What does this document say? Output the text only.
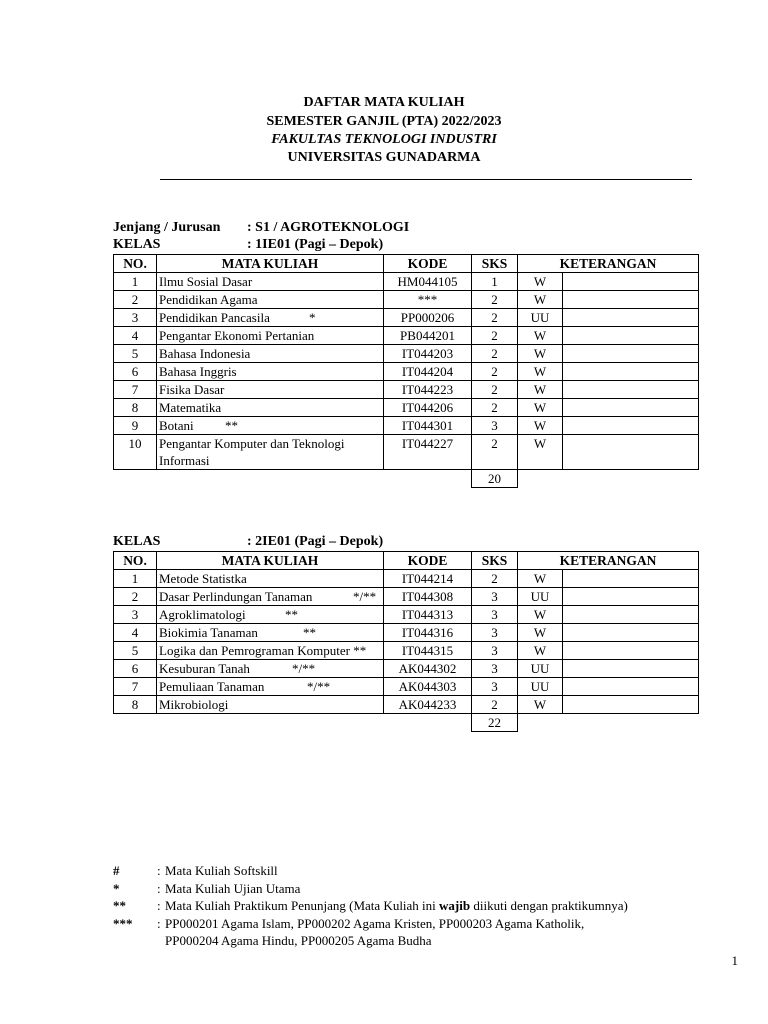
DAFTAR MATA KULIAH
SEMESTER GANJIL (PTA) 2022/2023
FAKULTAS TEKNOLOGI INDUSTRI
UNIVERSITAS GUNADARMA
Jenjang / Jurusan : S1 / AGROTEKNOLOGI
KELAS	: 1IE01 (Pagi – Depok)
NO.	MATA KULIAH	KODE	SKS	KETERANGAN	
1	Ilmu Sosial Dasar	HM044105	1	W	
2	Pendidikan Agama	***	2	W	
3	Pendidikan Pancasila *	PP000206	2	UU	
4	Pengantar Ekonomi Pertanian	PB044201	2	W	
5	Bahasa Indonesia	IT044203	2	W	
6	Bahasa Inggris	IT044204	2	W	
7	Fisika Dasar	IT044223	2	W	
8	Matematika	IT044206	2	W	
9	Botani **	IT044301	3	W	
10	Pengantar Komputer dan Teknologi Informasi	IT044227	2	W	
			20		
KELAS	: 2IE01 (Pagi – Depok)
NO.	MATA KULIAH	KODE	SKS	KETERANGAN	
1	Metode Statistka	IT044214	2	W	
2	Dasar Perlindungan Tanaman */**	IT044308	3	UU	
3	Agroklimatologi **	IT044313	3	W	
4	Biokimia Tanaman **	IT044316	3	W	
5	Logika dan Pemrograman Komputer **	IT044315	3	W	
6	Kesuburan Tanah */**	AK044302	3	UU	
7	Pemuliaan Tanaman */**	AK044303	3	UU	
8	Mikrobiologi	AK044233	2	W	
			22		
#	: Mata Kuliah Softskill
*	: Mata Kuliah Ujian Utama
** : Mata Kuliah Praktikum Penunjang (Mata Kuliah ini wajib diikuti dengan praktikumnya)
*** : PP000201 Agama Islam, PP000202 Agama Kristen, PP000203 Agama Katholik,
PP000204 Agama Hindu, PP000205 Agama Budha
1
